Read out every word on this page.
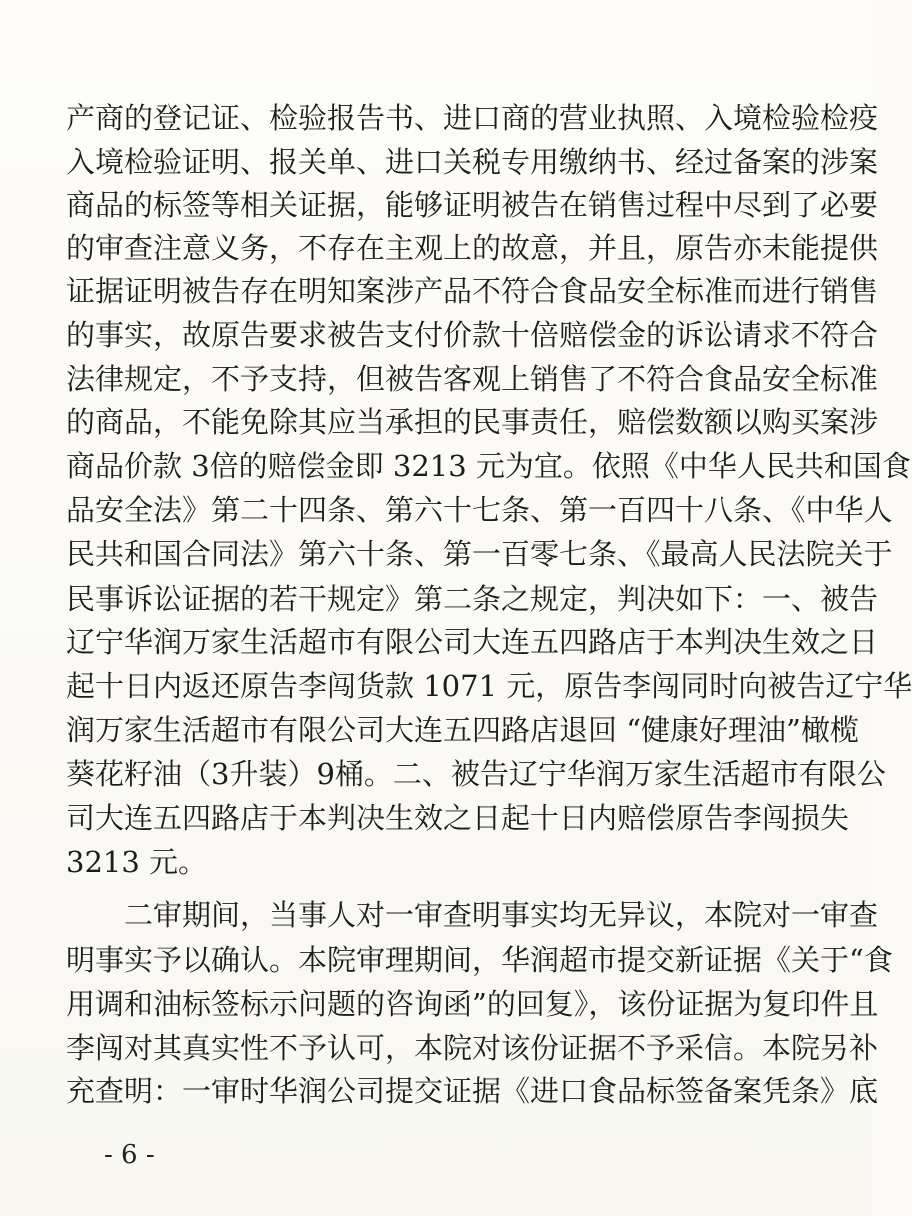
产商的登记证、检验报告书、进口商的营业执照、入境检验检疫
入境检验证明、报关单、进口关税专用缴纳书、经过备案的涉案
商品的标签等相关证据，能够证明被告在销售过程中尽到了必要
的审查注意义务，不存在主观上的故意，并且，原告亦未能提供
证据证明被告存在明知案涉产品不符合食品安全标准而进行销售
的事实，故原告要求被告支付价款十倍赔偿金的诉讼请求不符合
法律规定，不予支持，但被告客观上销售了不符合食品安全标准
的商品，不能免除其应当承担的民事责任，赔偿数额以购买案涉
商品价款 3倍的赔偿金即 3213 元为宜。依照《中华人民共和国食
品安全法》第二十四条、第六十七条、第一百四十八条、《中华人
民共和国合同法》第六十条、第一百零七条、《最高人民法院关于
民事诉讼证据的若干规定》第二条之规定，判决如下：一、被告
辽宁华润万家生活超市有限公司大连五四路店于本判决生效之日
起十日内返还原告李闯货款 1071 元，原告李闯同时向被告辽宁华
润万家生活超市有限公司大连五四路店退回 “健康好理油”橄榄
葵花籽油（3升装）9桶。二、被告辽宁华润万家生活超市有限公
司大连五四路店于本判决生效之日起十日内赔偿原告李闯损失
3213 元。
二审期间，当事人对一审查明事实均无异议，本院对一审查
明事实予以确认。本院审理期间，华润超市提交新证据《关于“食
用调和油标签标示问题的咨询函”的回复》，该份证据为复印件且
李闯对其真实性不予认可，本院对该份证据不予采信。本院另补
充查明：一审时华润公司提交证据《进口食品标签备案凭条》底
- 6 -
